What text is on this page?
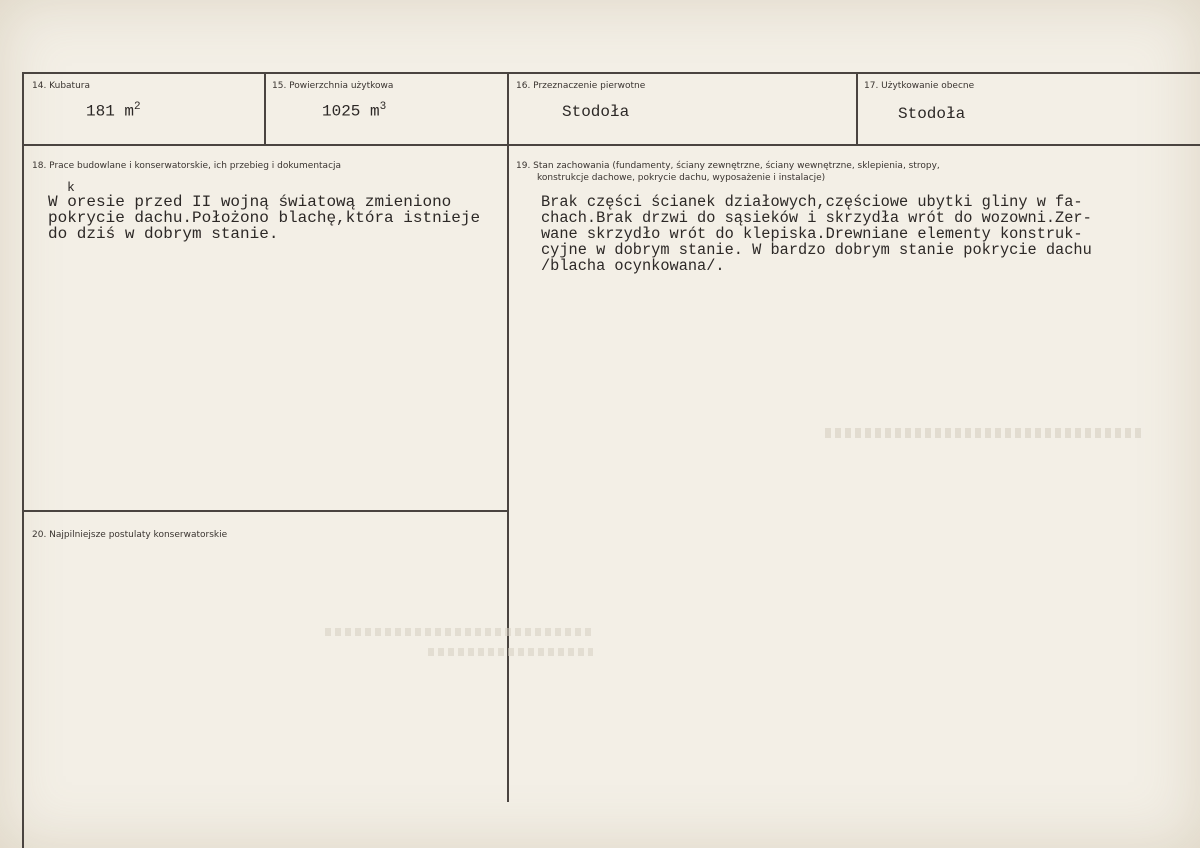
14. Kubatura
181 $m^2$
15. Powierzchnia użytkowa
1025 $m^3$
16. Przeznaczenie pierwotne
Stodoła
17. Użytkowanie obecne
Stodoła
18. Prace budowlane i konserwatorskie, ich przebieg i dokumentacja
k
W oresie przed II wojną światową zmieniono
pokrycie dachu.Położono blachę,która istnieje
do dziś w dobrym stanie.
19. Stan zachowania (fundamenty, ściany zewnętrzne, ściany wewnętrzne, sklepienia, stropy,
konstrukcje dachowe, pokrycie dachu, wyposażenie i instalacje)
Brak części ścianek działowych,częściowe ubytki gliny w fa-
chach.Brak drzwi do sąsieków i skrzydła wrót do wozowni.Zer-
wane skrzydło wrót do klepiska.Drewniane elementy konstruk-
cyjne w dobrym stanie. W bardzo dobrym stanie pokrycie dachu
/blacha ocynkowana/.
20. Najpilniejsze postulaty konserwatorskie
